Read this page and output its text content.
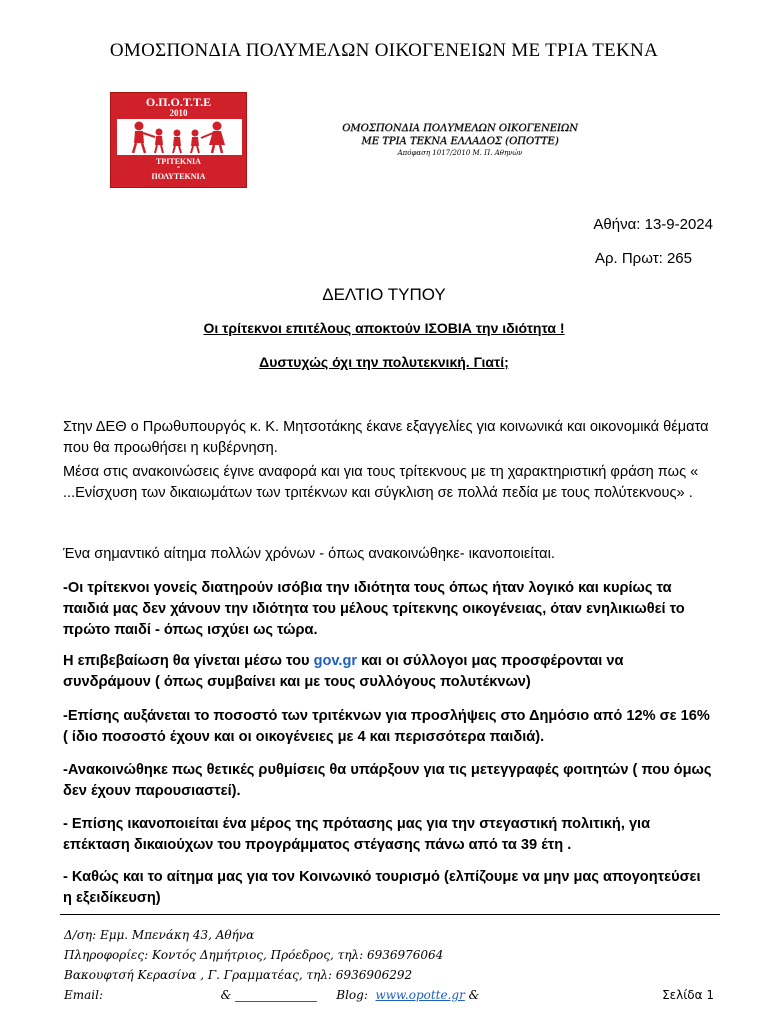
ΟΜΟΣΠΟΝΔΙΑ ΠΟΛΥΜΕΛΩΝ ΟΙΚΟΓΕΝΕΙΩΝ ΜΕ ΤΡΙΑ ΤΕΚΝΑ
Ο.Π.Ο.Τ.Τ.Ε
2010
ΤΡΙΤΕΚΝΙΑ
=
ΠΟΛΥΤΕΚΝΙΑ
ΟΜΟΣΠΟΝΔΙΑ ΠΟΛΥΜΕΛΩΝ ΟΙΚΟΓΕΝΕΙΩΝ
ΜΕ ΤΡΙΑ ΤΕΚΝΑ ΕΛΛΑΔΟΣ (ΟΠΟΤΤΕ)
Απόφαση 1017/2010 Μ. Π. Αθηνών
Αθήνα: 13-9-2024
Αρ. Πρωτ: 265
ΔΕΛΤΙΟ ΤΥΠΟΥ
Οι τρίτεκνοι επιτέλους αποκτούν ΙΣΟΒΙΑ την ιδιότητα !
Δυστυχώς όχι την πολυτεκνική. Γιατί;

Στην ΔΕΘ ο Πρωθυπουργός κ. Κ. Μητσοτάκης έκανε εξαγγελίες για κοινωνικά και οικονομικά θέματα που θα προωθήσει η κυβέρνηση.

Μέσα στις ανακοινώσεις έγινε αναφορά και για τους τρίτεκνους με τη χαρακτηριστική φράση πως « ...Ενίσχυση των δικαιωμάτων των τριτέκνων και σύγκλιση σε πολλά πεδία με τους πολύτεκνους» .

Ένα σημαντικό αίτημα πολλών χρόνων - όπως ανακοινώθηκε- ικανοποιείται.

-Οι τρίτεκνοι γονείς διατηρούν ισόβια την ιδιότητα τους όπως ήταν λογικό και κυρίως τα παιδιά μας δεν χάνουν την ιδιότητα του μέλους τρίτεκνης οικογένειας, όταν ενηλικιωθεί το πρώτο παιδί - όπως ισχύει ως τώρα.

Η επιβεβαίωση θα γίνεται μέσω του gov.gr και οι σύλλογοι μας προσφέρονται να συνδράμουν ( όπως συμβαίνει και με τους συλλόγους πολυτέκνων)

-Επίσης αυξάνεται το ποσοστό των τριτέκνων για προσλήψεις στο Δημόσιο από 12% σε 16% ( ίδιο ποσοστό έχουν και οι οικογένειες με 4 και περισσότερα παιδιά).

-Ανακοινώθηκε πως θετικές ρυθμίσεις θα υπάρξουν για τις μετεγγραφές φοιτητών ( που όμως δεν έχουν παρουσιαστεί).

- Επίσης ικανοποιείται ένα μέρος της πρότασης μας για την στεγαστική πολιτική, για επέκταση δικαιούχων του προγράμματος στέγασης πάνω από τα 39 έτη .

- Καθώς και το αίτημα μας για τον Κοινωνικό τουρισμό (ελπίζουμε να μην μας απογοητεύσει η εξειδίκευση)

Δ/ση: Εμμ. Μπενάκη 43, Αθήνα
Πληροφορίες: Κοντός Δημήτριος, Πρόεδρος, τηλ: 6936976064
Βακουφτσή Κερασίνα , Γ. Γραμματέας, τηλ: 6936906292
Email:	&	Blog: www.opotte.gr &	Σελίδα 1
